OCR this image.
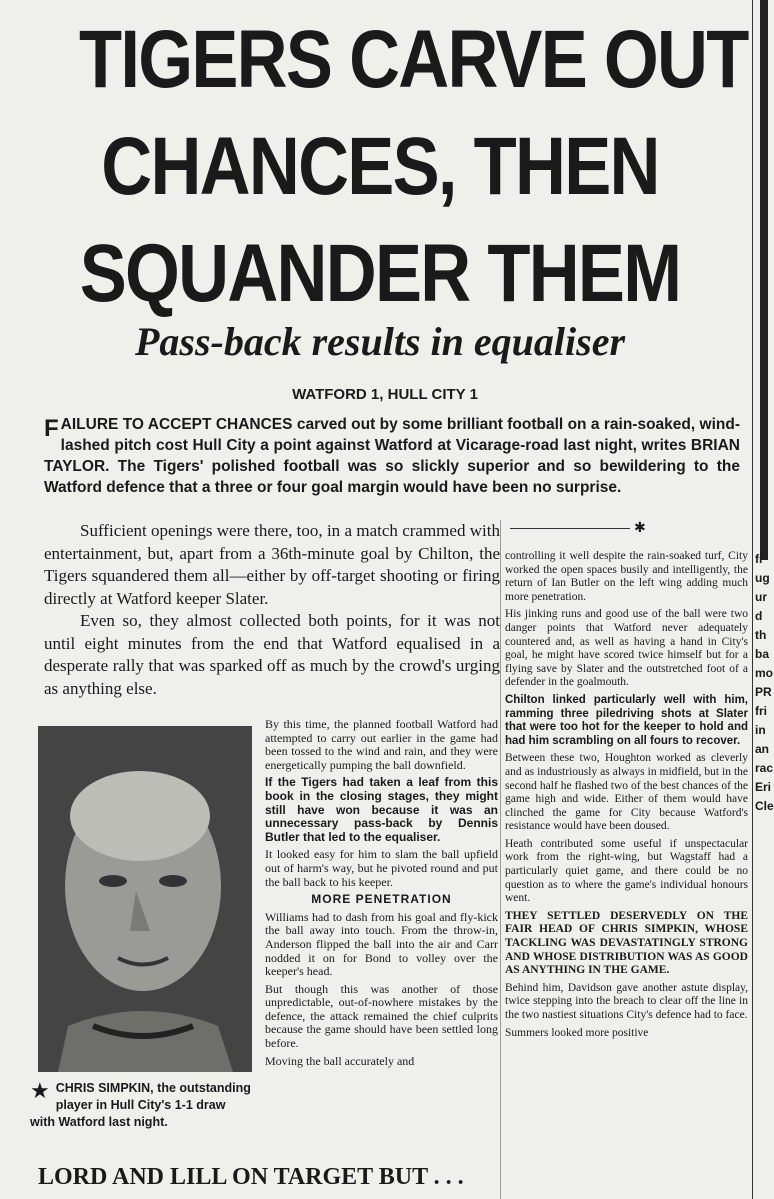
TIGERS CARVE OUT
CHANCES, THEN
SQUANDER THEM
Pass-back results in equaliser
WATFORD 1, HULL CITY 1
FAILURE TO ACCEPT CHANCES carved out by some brilliant football on a rain-soaked, wind-lashed pitch cost Hull City a point against Watford at Vicarage-road last night, writes BRIAN TAYLOR. The Tigers' polished football was so slickly superior and so bewildering to the Watford defence that a three or four goal margin would have been no surprise.
✱

Sufficient openings were there, too, in a match crammed with entertainment, but, apart from a 36th-minute goal by Chilton, the Tigers squandered them all—either by off-target shooting or firing directly at Watford keeper Slater.

Even so, they almost collected both points, for it was not until eight minutes from the end that Watford equalised in a desperate rally that was sparked off as much by the crowd's urging as anything else.

★ CHRIS SIMPKIN, the outstanding player in Hull City's 1-1 draw with Watford last night.

By this time, the planned football Watford had attempted to carry out earlier in the game had been tossed to the wind and rain, and they were energetically pumping the ball downfield.

If the Tigers had taken a leaf from this book in the closing stages, they might still have won because it was an unnecessary pass-back by Dennis Butler that led to the equaliser.

It looked easy for him to slam the ball upfield out of harm's way, but he pivoted round and put the ball back to his keeper.

MORE PENETRATION

Williams had to dash from his goal and fly-kick the ball away into touch. From the throw-in, Anderson flipped the ball into the air and Carr nodded it on for Bond to volley over the keeper's head.

But though this was another of those unpredictable, out-of-nowhere mistakes by the defence, the attack remained the chief culprits because the game should have been settled long before.

Moving the ball accurately and

controlling it well despite the rain-soaked turf, City worked the open spaces busily and intelligently, the return of Ian Butler on the left wing adding much more penetration.

His jinking runs and good use of the ball were two danger points that Watford never adequately countered and, as well as having a hand in City's goal, he might have scored twice himself but for a flying save by Slater and the outstretched foot of a defender in the goalmouth.

Chilton linked particularly well with him, ramming three piledriving shots at Slater that were too hot for the keeper to hold and had him scrambling on all fours to recover.

Between these two, Houghton worked as cleverly and as industriously as always in midfield, but in the second half he flashed two of the best chances of the game high and wide. Either of them would have clinched the game for City because Watford's resistance would have been doused.

Heath contributed some useful if unspectacular work from the right-wing, but Wagstaff had a particularly quiet game, and there could be no question as to where the game's individual honours went.

THEY SETTLED DESERVEDLY ON THE FAIR HEAD OF CHRIS SIMPKIN, WHOSE TACKLING WAS DEVASTATINGLY STRONG AND WHOSE DISTRIBUTION WAS AS GOOD AS ANYTHING IN THE GAME.

Behind him, Davidson gave another astute display, twice stepping into the breach to clear off the line in the two nastiest situations City's defence had to face.

Summers looked more positive

LORD AND LILL ON TARGET BUT . . .
fi
ug
ur
d
th
ba
mo
PR
fri
in
an
rac
Eri
Cle
